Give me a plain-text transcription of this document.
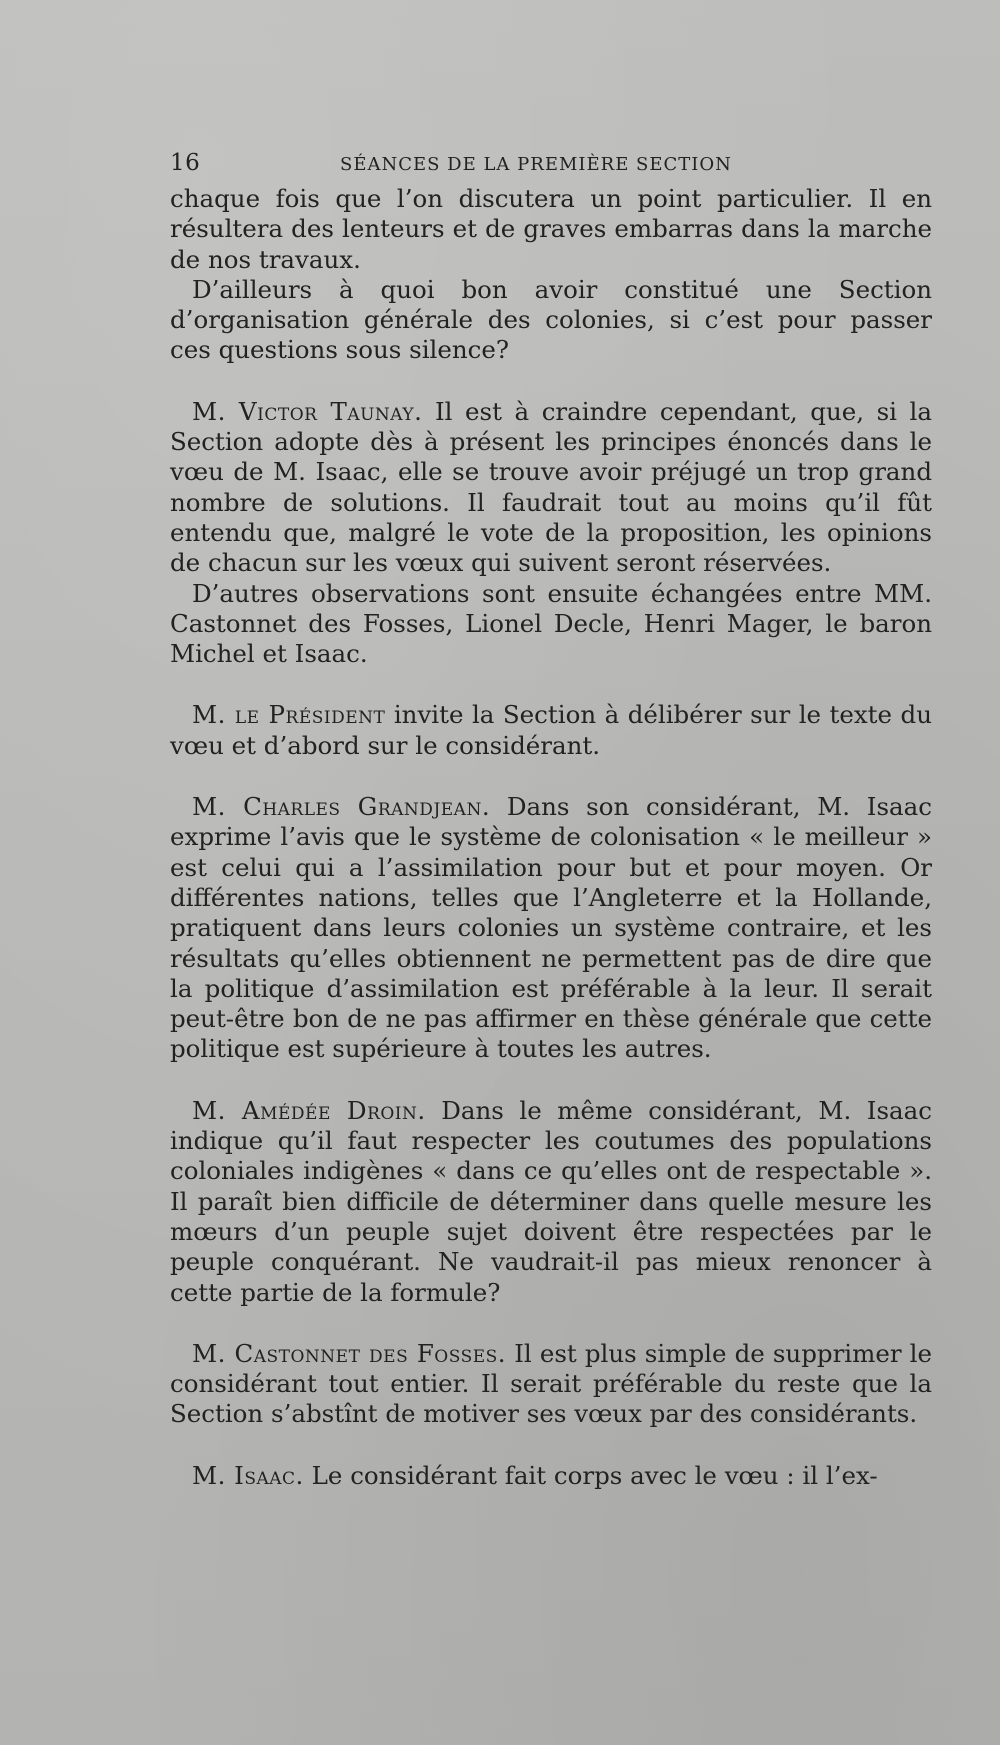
16	SÉANCES DE LA PREMIÈRE SECTION

chaque fois que l’on discutera un point particulier. Il en résultera des lenteurs et de graves embarras dans la marche de nos travaux.

D’ailleurs à quoi bon avoir constitué une Section d’organisation générale des colonies, si c’est pour passer ces questions sous silence?

M. Victor Taunay. Il est à craindre cependant, que, si la Section adopte dès à présent les principes énoncés dans le vœu de M. Isaac, elle se trouve avoir préjugé un trop grand nombre de solutions. Il faudrait tout au moins qu’il fût entendu que, malgré le vote de la proposition, les opinions de chacun sur les vœux qui suivent seront réservées.

D’autres observations sont ensuite échangées entre MM. Castonnet des Fosses, Lionel Decle, Henri Mager, le baron Michel et Isaac.

M. le Président invite la Section à délibérer sur le texte du vœu et d’abord sur le considérant.

M. Charles Grandjean. Dans son considérant, M. Isaac exprime l’avis que le système de colonisation « le meilleur » est celui qui a l’assimilation pour but et pour moyen. Or différentes nations, telles que l’Angleterre et la Hollande, pratiquent dans leurs colonies un système contraire, et les résultats qu’elles obtiennent ne permettent pas de dire que la politique d’assimilation est préférable à la leur. Il serait peut-être bon de ne pas affirmer en thèse générale que cette politique est supérieure à toutes les autres.

M. Amédée Droin. Dans le même considérant, M. Isaac indique qu’il faut respecter les coutumes des populations coloniales indigènes « dans ce qu’elles ont de respectable ». Il paraît bien difficile de déterminer dans quelle mesure les mœurs d’un peuple sujet doivent être respectées par le peuple conquérant. Ne vaudrait-il pas mieux renoncer à cette partie de la formule?

M. Castonnet des Fosses. Il est plus simple de supprimer le considérant tout entier. Il serait préférable du reste que la Section s’abstînt de motiver ses vœux par des considérants.

M. Isaac. Le considérant fait corps avec le vœu : il l’ex-
